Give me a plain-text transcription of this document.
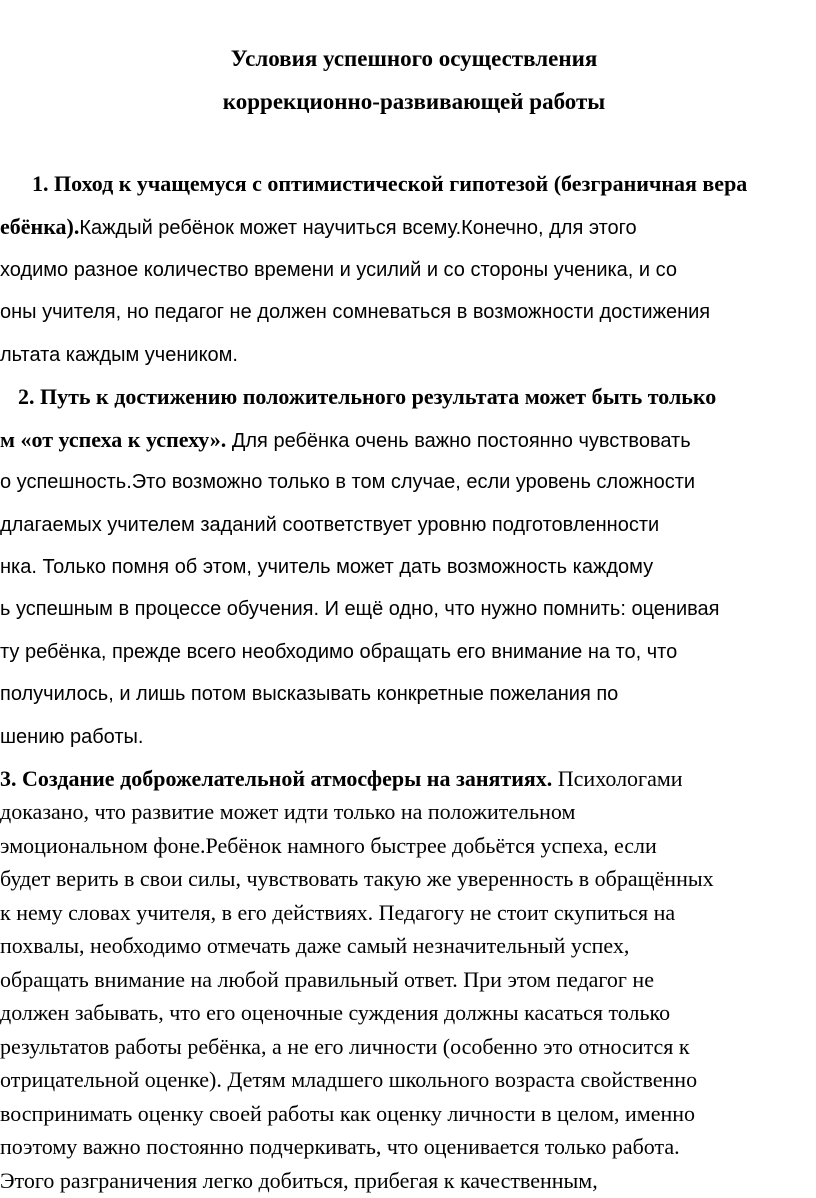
Условия успешного осуществления
коррекционно-развивающей работы
1. Поход к учащемуся с оптимистической гипотезой (безграничная вера
ебёнка).Каждый ребёнок может научиться всему.Конечно, для этого
ходимо разное количество времени и усилий и со стороны ученика, и со
оны учителя, но педагог не должен сомневаться в возможности достижения
льтата каждым учеником.
2. Путь к достижению положительного результата может быть только
м «от успеха к успеху». Для ребёнка очень важно постоянно чувствовать
о успешность.Это возможно только в том случае, если уровень сложности
длагаемых учителем заданий соответствует уровню подготовленности
нка. Только помня об этом, учитель может дать возможность каждому
ь успешным в процессе обучения. И ещё одно, что нужно помнить: оценивая
ту ребёнка, прежде всего необходимо обращать его внимание на то, что
получилось, и лишь потом высказывать конкретные пожелания по
шению работы.
3. Создание доброжелательной атмосферы на занятиях. Психологами
доказано, что развитие может идти только на положительном
эмоциональном фоне.Ребёнок намного быстрее добьётся успеха, если
будет верить в свои силы, чувствовать такую же уверенность в обращённых
к нему словах учителя, в его действиях. Педагогу не стоит скупиться на
похвалы, необходимо отмечать даже самый незначительный успех,
обращать внимание на любой правильный ответ. При этом педагог не
должен забывать, что его оценочные суждения должны касаться только
результатов работы ребёнка, а не его личности (особенно это относится к
отрицательной оценке). Детям младшего школьного возраста свойственно
воспринимать оценку своей работы как оценку личности в целом, именно
поэтому важно постоянно подчеркивать, что оценивается только работа.
Этого разграничения легко добиться, прибегая к качественным,
